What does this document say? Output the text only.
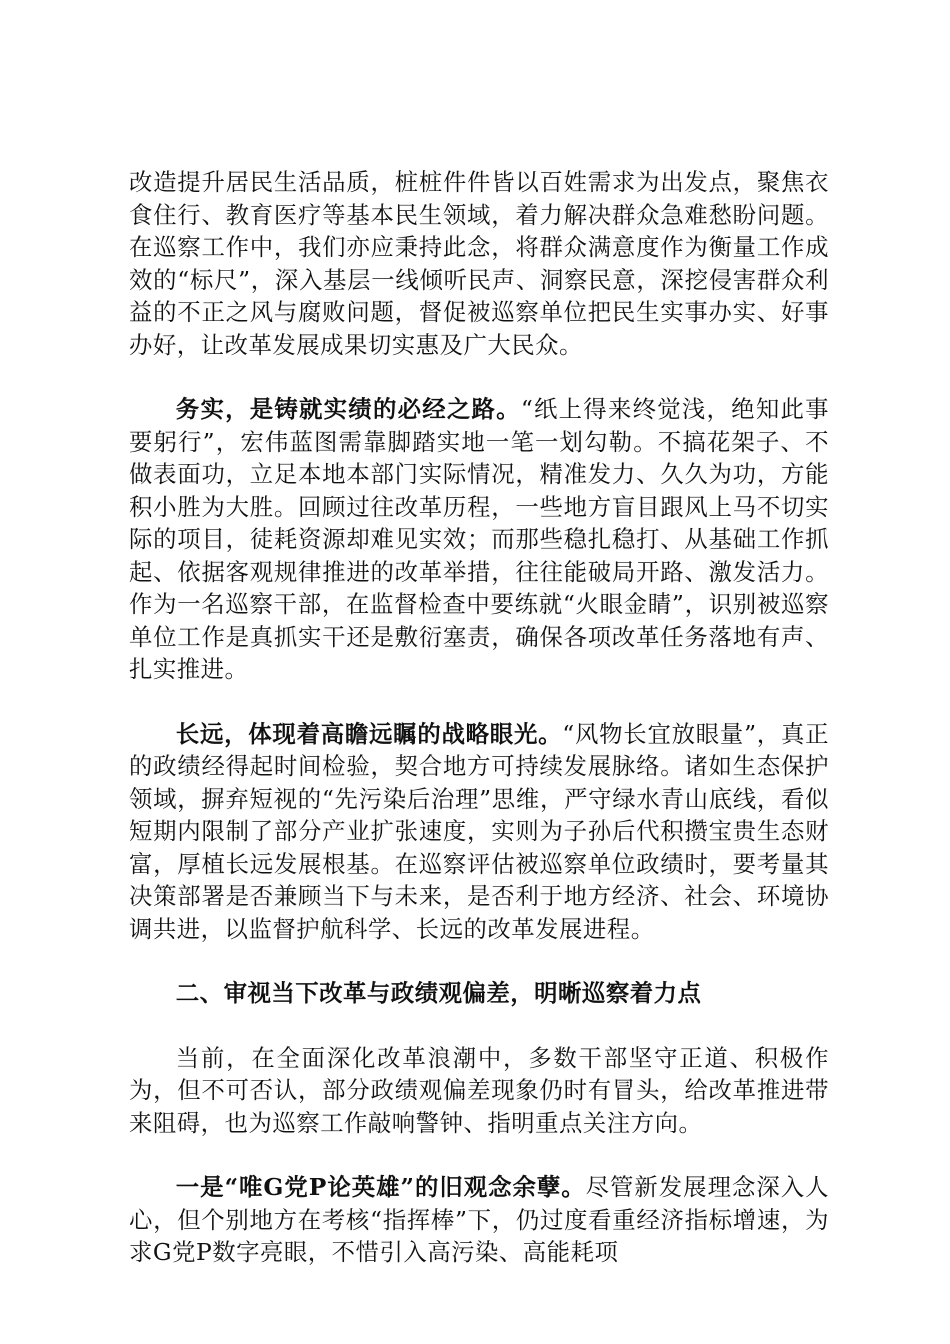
改造提升居民生活品质，桩桩件件皆以百姓需求为出发点，聚焦衣食住行、教育医疗等基本民生领域，着力解决群众急难愁盼问题。在巡察工作中，我们亦应秉持此念，将群众满意度作为衡量工作成效的“标尺”，深入基层一线倾听民声、洞察民意，深挖侵害群众利益的不正之风与腐败问题，督促被巡察单位把民生实事办实、好事办好，让改革发展成果切实惠及广大民众。

务实，是铸就实绩的必经之路。“纸上得来终觉浅，绝知此事要躬行”，宏伟蓝图需靠脚踏实地一笔一划勾勒。不搞花架子、不做表面功，立足本地本部门实际情况，精准发力、久久为功，方能积小胜为大胜。回顾过往改革历程，一些地方盲目跟风上马不切实际的项目，徒耗资源却难见实效；而那些稳扎稳打、从基础工作抓起、依据客观规律推进的改革举措，往往能破局开路、激发活力。作为一名巡察干部，在监督检查中要练就“火眼金睛”，识别被巡察单位工作是真抓实干还是敷衍塞责，确保各项改革任务落地有声、扎实推进。

长远，体现着高瞻远瞩的战略眼光。“风物长宜放眼量”，真正的政绩经得起时间检验，契合地方可持续发展脉络。诸如生态保护领域，摒弃短视的“先污染后治理”思维，严守绿水青山底线，看似短期内限制了部分产业扩张速度，实则为子孙后代积攒宝贵生态财富，厚植长远发展根基。在巡察评估被巡察单位政绩时，要考量其决策部署是否兼顾当下与未来，是否利于地方经济、社会、环境协调共进，以监督护航科学、长远的改革发展进程。

二、审视当下改革与政绩观偏差，明晰巡察着力点

当前，在全面深化改革浪潮中，多数干部坚守正道、积极作为，但不可否认，部分政绩观偏差现象仍时有冒头，给改革推进带来阻碍，也为巡察工作敲响警钟、指明重点关注方向。

一是“唯G党P论英雄”的旧观念余孽。尽管新发展理念深入人心，但个别地方在考核“指挥棒”下，仍过度看重经济指标增速，为求G党P数字亮眼，不惜引入高污染、高能耗项
